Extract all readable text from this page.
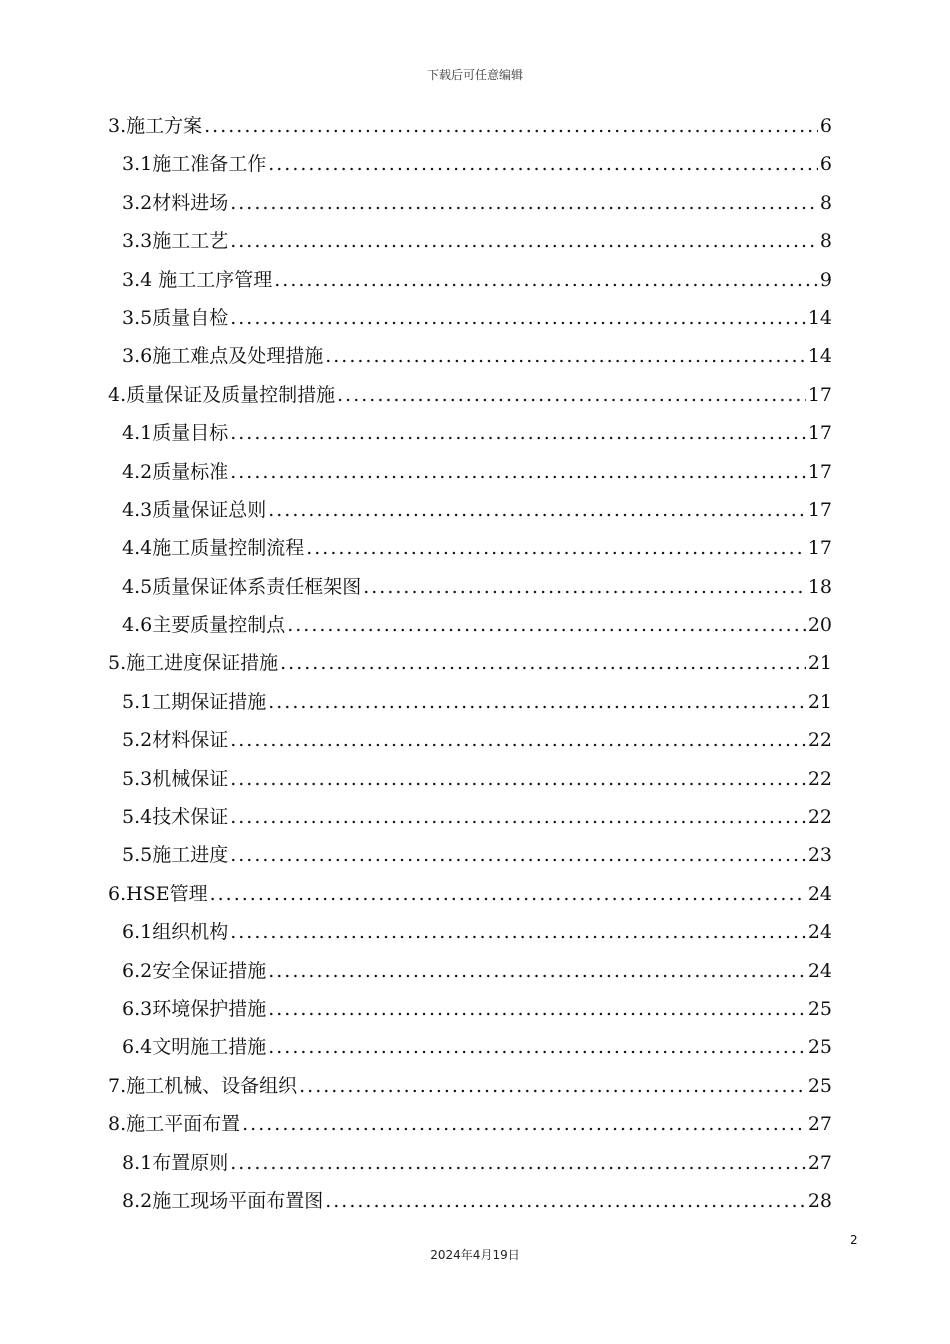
下载后可任意编辑
3.施工方案 .....	6
3.1施工准备工作 .....	6
3.2材料进场 .....	8
3.3施工工艺 .....	8
3.4 施工工序管理 .....	9
3.5质量自检 .....	14
3.6施工难点及处理措施 .....	14
4.质量保证及质量控制措施 .....	17
4.1质量目标 .....	17
4.2质量标准 .....	17
4.3质量保证总则 .....	17
4.4施工质量控制流程 .....	17
4.5质量保证体系责任框架图 .....	18
4.6主要质量控制点 .....	20
5.施工进度保证措施 .....	21
5.1工期保证措施 .....	21
5.2材料保证 .....	22
5.3机械保证 .....	22
5.4技术保证 .....	22
5.5施工进度 .....	23
6.HSE管理 .....	24
6.1组织机构 .....	24
6.2安全保证措施 .....	24
6.3环境保护措施 .....	25
6.4文明施工措施 .....	25
7.施工机械、设备组织 .....	25
8.施工平面布置 .....	27
8.1布置原则 .....	27
8.2施工现场平面布置图 .....	28
2
2024年4月19日
